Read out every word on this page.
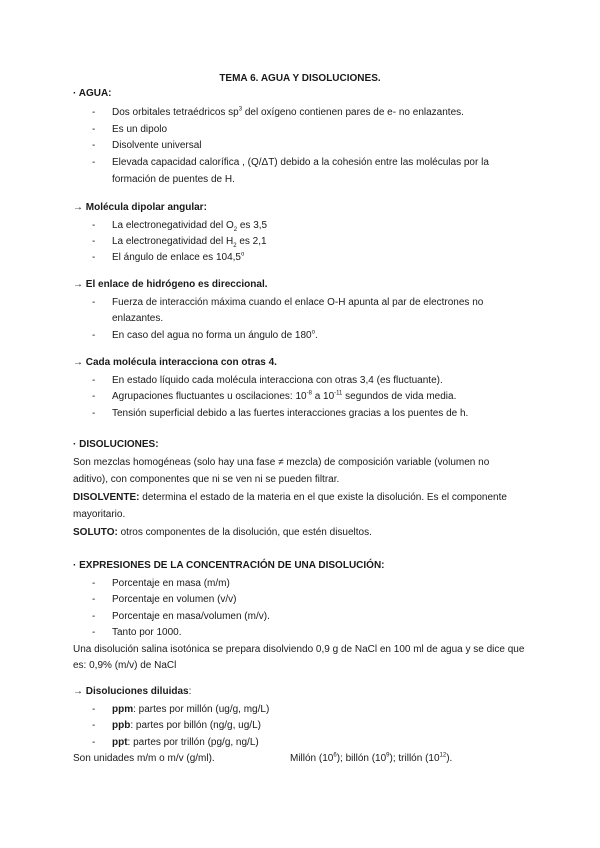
TEMA 6. AGUA Y DISOLUCIONES.
· AGUA:
- Dos orbitales tetraédricos $sp^3$ del oxígeno contienen pares de e- no enlazantes.
- Es un dipolo
- Disolvente universal
- Elevada capacidad calorífica , (Q/ΔT) debido a la cohesión entre las moléculas por la
formación de puentes de H.
→ Molécula dipolar angular:
- La electronegatividad del $O_2$ es 3,5
- La electronegatividad del $H_2$ es 2,1
- El ángulo de enlace es $104,5^o$
→ El enlace de hidrógeno es direccional.
- Fuerza de interacción máxima cuando el enlace O-H apunta al par de electrones no
enlazantes.
- En caso del agua no forma un ángulo de $180^o$.
→ Cada molécula interacciona con otras 4.
- En estado líquido cada molécula interacciona con otras 3,4 (es fluctuante).
- Agrupaciones fluctuantes u oscilaciones: $10^{-8}$ a $10^{-11}$ segundos de vida media.
- Tensión superficial debido a las fuertes interacciones gracias a los puentes de h.
· DISOLUCIONES:
Son mezclas homogéneas (solo hay una fase ≠ mezcla) de composición variable (volumen no
aditivo), con componentes que ni se ven ni se pueden filtrar.
DISOLVENTE: determina el estado de la materia en el que existe la disolución. Es el componente
mayoritario.
SOLUTO: otros componentes de la disolución, que estén disueltos.
· EXPRESIONES DE LA CONCENTRACIÓN DE UNA DISOLUCIÓN:
- Porcentaje en masa (m/m)
- Porcentaje en volumen (v/v)
- Porcentaje en masa/volumen (m/v).
- Tanto por 1000.
Una disolución salina isotónica se prepara disolviendo 0,9 g de NaCl en 100 ml de agua y se dice que
es: 0,9% (m/v) de NaCl
→ Disoluciones diluidas:
- ppm: partes por millón (ug/g, mg/L)
- ppb: partes por billón (ng/g, ug/L)
- ppt: partes por trillón (pg/g, ng/L)
Son unidades m/m o m/v (g/ml).	Millón $(10^6)$; billón $(10^9)$; trillón $(10^{12})$.
